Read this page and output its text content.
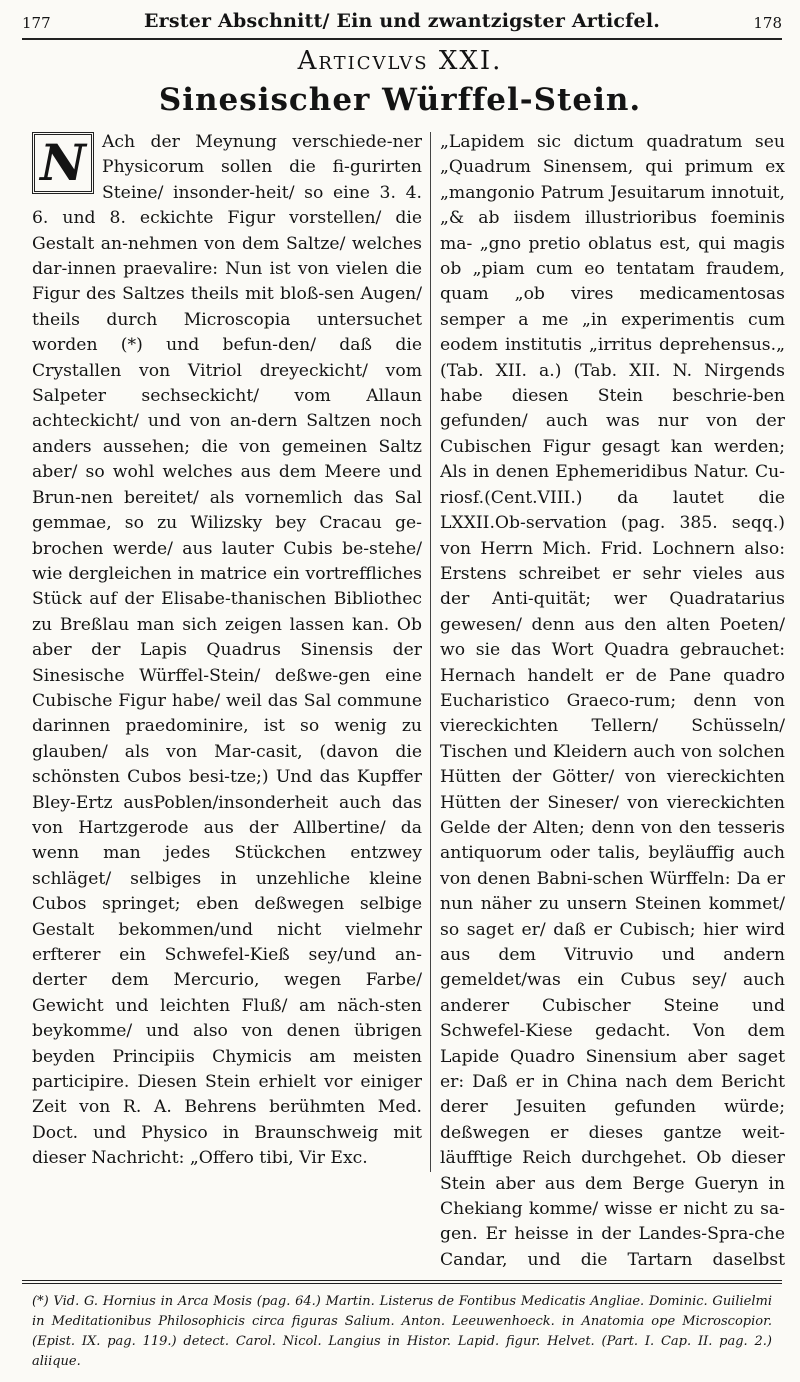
177	Erster Abschnitt/ Ein und zwantzigster Articfel.	178
Articvlvs XXI.
Sinesischer Würffel-Stein.
N Ach der Meynung verschiede-ner Physicorum sollen die fi-gurirten Steine/ insonder-heit/ so eine 3. 4. 6. und 8. eckichte Figur vorstellen/ die Gestalt an-nehmen von dem Saltze/ welches dar-innen praevalire: Nun ist von vielen die Figur des Saltzes theils mit bloß-sen Augen/ theils durch Microscopia untersuchet worden (*) und befun-den/ daß die Crystallen von Vitriol dreyeckicht/ vom Salpeter sechseckicht/ vom Allaun achteckicht/ und von an-dern Saltzen noch anders aussehen; die von gemeinen Saltz aber/ so wohl welches aus dem Meere und Brun-nen bereitet/ als vornemlich das Sal gemmae, so zu Wilizsky bey Cracau ge-brochen werde/ aus lauter Cubis be-stehe/ wie dergleichen in matrice ein vortreffliches Stück auf der Elisabe-thanischen Bibliothec zu Breßlau man sich zeigen lassen kan. Ob aber der Lapis Quadrus Sinensis der Sinesische Würffel-Stein/ deßwe-gen eine Cubische Figur habe/ weil das Sal commune darinnen praedominire, ist so wenig zu glauben/ als von Mar-casit, (davon die schönsten Cubos besi-tze;) Und das Kupffer Bley-Ertz ausPoblen/insonderheit auch das von Hartzgerode aus der Allbertine/ da wenn man jedes Stückchen entzwey schläget/ selbiges in unzehliche kleine Cubos springet; eben deßwegen selbige Gestalt bekommen/und nicht vielmehr erfterer ein Schwefel-Kieß sey/und an-derter dem Mercurio, wegen Farbe/ Gewicht und leichten Fluß/ am näch-sten beykomme/ und also von denen übrigen beyden Principiis Chymicis am meisten participire. Diesen Stein erhielt vor einiger Zeit von R. A. Behrens berühmten Med. Doct. und Physico in Braunschweig mit dieser Nachricht: „Offero tibi, Vir Exc.

„Lapidem sic dictum quadratum seu „Quadrum Sinensem, qui primum ex „mangonio Patrum Jesuitarum innotuit, „& ab iisdem illustrioribus foeminis ma- „gno pretio oblatus est, qui magis ob „piam cum eo tentatam fraudem, quam „ob vires medicamentosas semper a me „in experimentis cum eodem institutis „irritus deprehensus.„ (Tab. XII. a.) (Tab. XII. N. Nirgends habe diesen Stein beschrie-ben gefunden/ auch was nur von der Cubischen Figur gesagt kan werden; Als in denen Ephemeridibus Natur. Cu-riosf.(Cent.VIII.) da lautet die LXXII.Ob-servation (pag. 385. seqq.) von Herrn Mich. Frid. Lochnern also: Erstens schreibet er sehr vieles aus der Anti-quität; wer Quadratarius gewesen/ denn aus den alten Poeten/ wo sie das Wort Quadra gebrauchet: Hernach handelt er de Pane quadro Eucharistico Graeco-rum; denn von viereckichten Tellern/ Schüsseln/ Tischen und Kleidern auch von solchen Hütten der Götter/ von viereckichten Hütten der Sineser/ von viereckichten Gelde der Alten; denn von den tesseris antiquorum oder talis, beyläuffig auch von denen Babni-schen Würffeln: Da er nun näher zu unsern Steinen kommet/ so saget er/ daß er Cubisch; hier wird aus dem Vitruvio und andern gemeldet/was ein Cubus sey/ auch anderer Cubischer Steine und Schwefel-Kiese gedacht. Von dem Lapide Quadro Sinensium aber saget er: Daß er in China nach dem Bericht derer Jesuiten gefunden würde; deßwegen er dieses gantze weit-läufftige Reich durchgehet. Ob dieser Stein aber aus dem Berge Gueryn in Chekiang komme/ wisse er nicht zu sa-gen. Er heisse in der Landes-Spra-che Candar, und die Tartarn daselbst

(*) Vid. G. Hornius in Arca Mosis (pag. 64.) Martin. Listerus de Fontibus Medicatis Angliae. Dominic. Guilielmi in Meditationibus Philosophicis circa figuras Salium. Anton. Leeuwenhoeck. in Anatomia ope Microscopior. (Epist. IX. pag. 119.) detect. Carol. Nicol. Langius in Histor. Lapid. figur. Helvet. (Part. I. Cap. II. pag. 2.) aliique.
